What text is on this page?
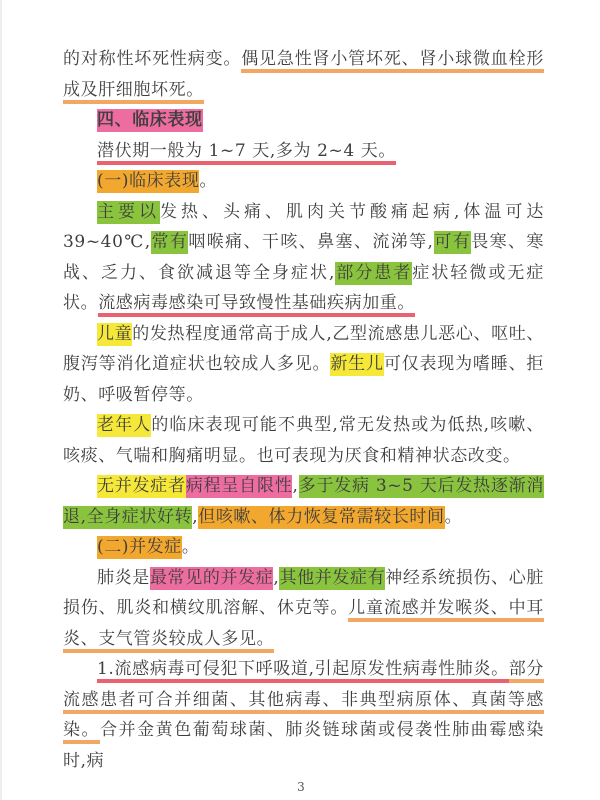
的对称性坏死性病变。偶见急性肾小管坏死、肾小球微血栓形成及肝细胞坏死。

四、临床表现

潜伏期一般为 1~7 天,多为 2~4 天。

(一)临床表现。

主要以发热、头痛、肌肉关节酸痛起病,体温可达 39~40℃,常有咽喉痛、干咳、鼻塞、流涕等,可有畏寒、寒战、乏力、食欲减退等全身症状,部分患者症状轻微或无症状。流感病毒感染可导致慢性基础疾病加重。

儿童的发热程度通常高于成人,乙型流感患儿恶心、呕吐、腹泻等消化道症状也较成人多见。新生儿可仅表现为嗜睡、拒奶、呼吸暂停等。

老年人的临床表现可能不典型,常无发热或为低热,咳嗽、咳痰、气喘和胸痛明显。也可表现为厌食和精神状态改变。

无并发症者病程呈自限性,多于发病 3~5 天后发热逐渐消退,全身症状好转,但咳嗽、体力恢复常需较长时间。

(二)并发症。

肺炎是最常见的并发症,其他并发症有神经系统损伤、心脏损伤、肌炎和横纹肌溶解、休克等。儿童流感并发喉炎、中耳炎、支气管炎较成人多见。

1.流感病毒可侵犯下呼吸道,引起原发性病毒性肺炎。部分流感患者可合并细菌、其他病毒、非典型病原体、真菌等感染。合并金黄色葡萄球菌、肺炎链球菌或侵袭性肺曲霉感染时,病

3
